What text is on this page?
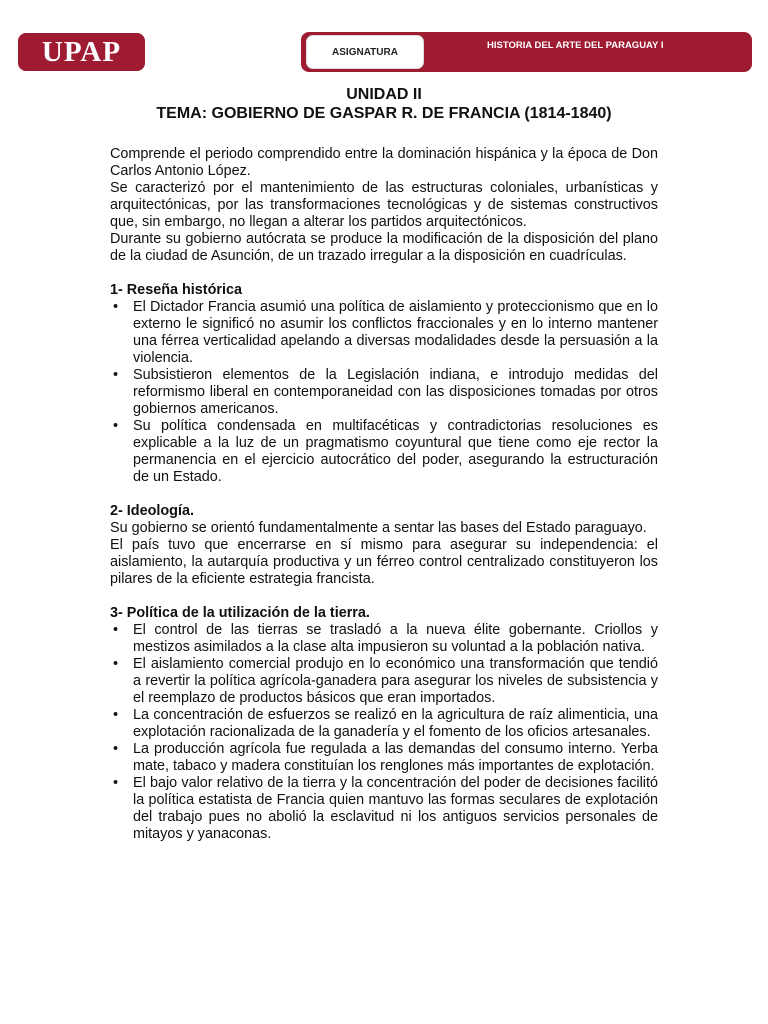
UPAP	ASIGNATURA
HISTORIA DEL ARTE DEL PARAGUAY I
UNIDAD II
TEMA: GOBIERNO DE GASPAR R. DE FRANCIA (1814-1840)

Comprende el periodo comprendido entre la dominación hispánica y la época de Don Carlos Antonio López.

Se caracterizó por el mantenimiento de las estructuras coloniales, urbanísticas y arquitectónicas, por las transformaciones tecnológicas y de sistemas constructivos que, sin embargo, no llegan a alterar los partidos arquitectónicos.

Durante su gobierno autócrata se produce la modificación de la disposición del plano de la ciudad de Asunción, de un trazado irregular a la disposición en cuadrículas.

1- Reseña histórica

• El Dictador Francia asumió una política de aislamiento y proteccionismo que en lo externo le significó no asumir los conflictos fraccionales y en lo interno mantener una férrea verticalidad apelando a diversas modalidades desde la persuasión a la violencia.
• Subsistieron elementos de la Legislación indiana, e introdujo medidas del reformismo liberal en contemporaneidad con las disposiciones tomadas por otros gobiernos americanos.
• Su política condensada en multifacéticas y contradictorias resoluciones es explicable a la luz de un pragmatismo coyuntural que tiene como eje rector la permanencia en el ejercicio autocrático del poder, asegurando la estructuración de un Estado.

2- Ideología.

Su gobierno se orientó fundamentalmente a sentar las bases del Estado paraguayo.

El país tuvo que encerrarse en sí mismo para asegurar su independencia: el aislamiento, la autarquía productiva y un férreo control centralizado constituyeron los pilares de la eficiente estrategia francista.

3- Política de la utilización de la tierra.

• El control de las tierras se trasladó a la nueva élite gobernante. Criollos y mestizos asimilados a la clase alta impusieron su voluntad a la población nativa.
• El aislamiento comercial produjo en lo económico una transformación que tendió a revertir la política agrícola-ganadera para asegurar los niveles de subsistencia y el reemplazo de productos básicos que eran importados.
• La concentración de esfuerzos se realizó en la agricultura de raíz alimenticia, una explotación racionalizada de la ganadería y el fomento de los oficios artesanales.
• La producción agrícola fue regulada a las demandas del consumo interno. Yerba mate, tabaco y madera constituían los renglones más importantes de explotación.
• El bajo valor relativo de la tierra y la concentración del poder de decisiones facilitó la política estatista de Francia quien mantuvo las formas seculares de explotación del trabajo pues no abolió la esclavitud ni los antiguos servicios personales de mitayos y yanaconas.
